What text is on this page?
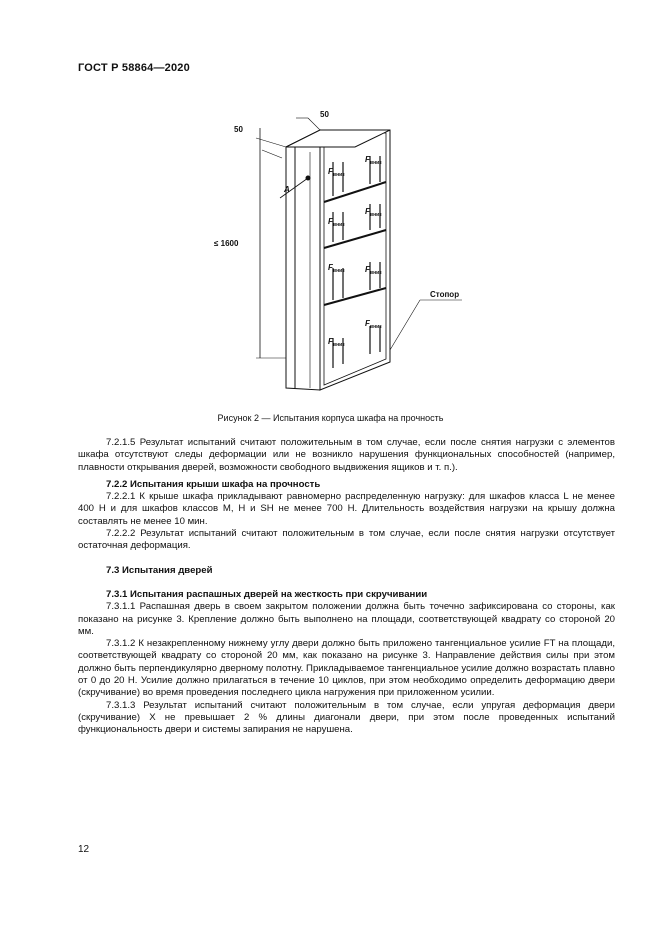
ГОСТ Р 58864—2020
50
50
≤ 1600
A
Стопор
F
F
F
F
F	F
F
F
вниз
вниз
вниз
вниз
вниз	вниз
вниз
вниз
Рисунок 2 — Испытания корпуса шкафа на прочность

7.2.1.5 Результат испытаний считают положительным в том случае, если после снятия нагрузки с элементов шкафа отсутствуют следы деформации или не возникло нарушения функциональных способностей (например, плавности открывания дверей, возможности свободного выдвижения ящиков и т. п.).

7.2.2 Испытания крыши шкафа на прочность

7.2.2.1 К крыше шкафа прикладывают равномерно распределенную нагрузку: для шкафов класса L не менее 400 Н и для шкафов классов M, H и SH не менее 700 Н. Длительность воздействия нагрузки на крышу должна составлять не менее 10 мин.

7.2.2.2 Результат испытаний считают положительным в том случае, если после снятия нагрузки отсутствует остаточная деформация.

7.3 Испытания дверей

7.3.1 Испытания распашных дверей на жесткость при скручивании

7.3.1.1 Распашная дверь в своем закрытом положении должна быть точечно зафиксирована со стороны, как показано на рисунке 3. Крепление должно быть выполнено на площади, соответствующей квадрату со стороной 20 мм.

7.3.1.2 К незакрепленному нижнему углу двери должно быть приложено тангенциальное усилие FT на площади, соответствующей квадрату со стороной 20 мм, как показано на рисунке 3. Направление действия силы при этом должно быть перпендикулярно дверному полотну. Прикладываемое тангенциальное усилие должно возрастать плавно от 0 до 20 Н. Усилие должно прилагаться в течение 10 циклов, при этом необходимо определить деформацию двери (скручивание) во время проведения последнего цикла нагружения при приложенном усилии.

7.3.1.3 Результат испытаний считают положительным в том случае, если упругая деформация двери (скручивание) X не превышает 2 % длины диагонали двери, при этом после проведенных испытаний функциональность двери и системы запирания не нарушена.

12
